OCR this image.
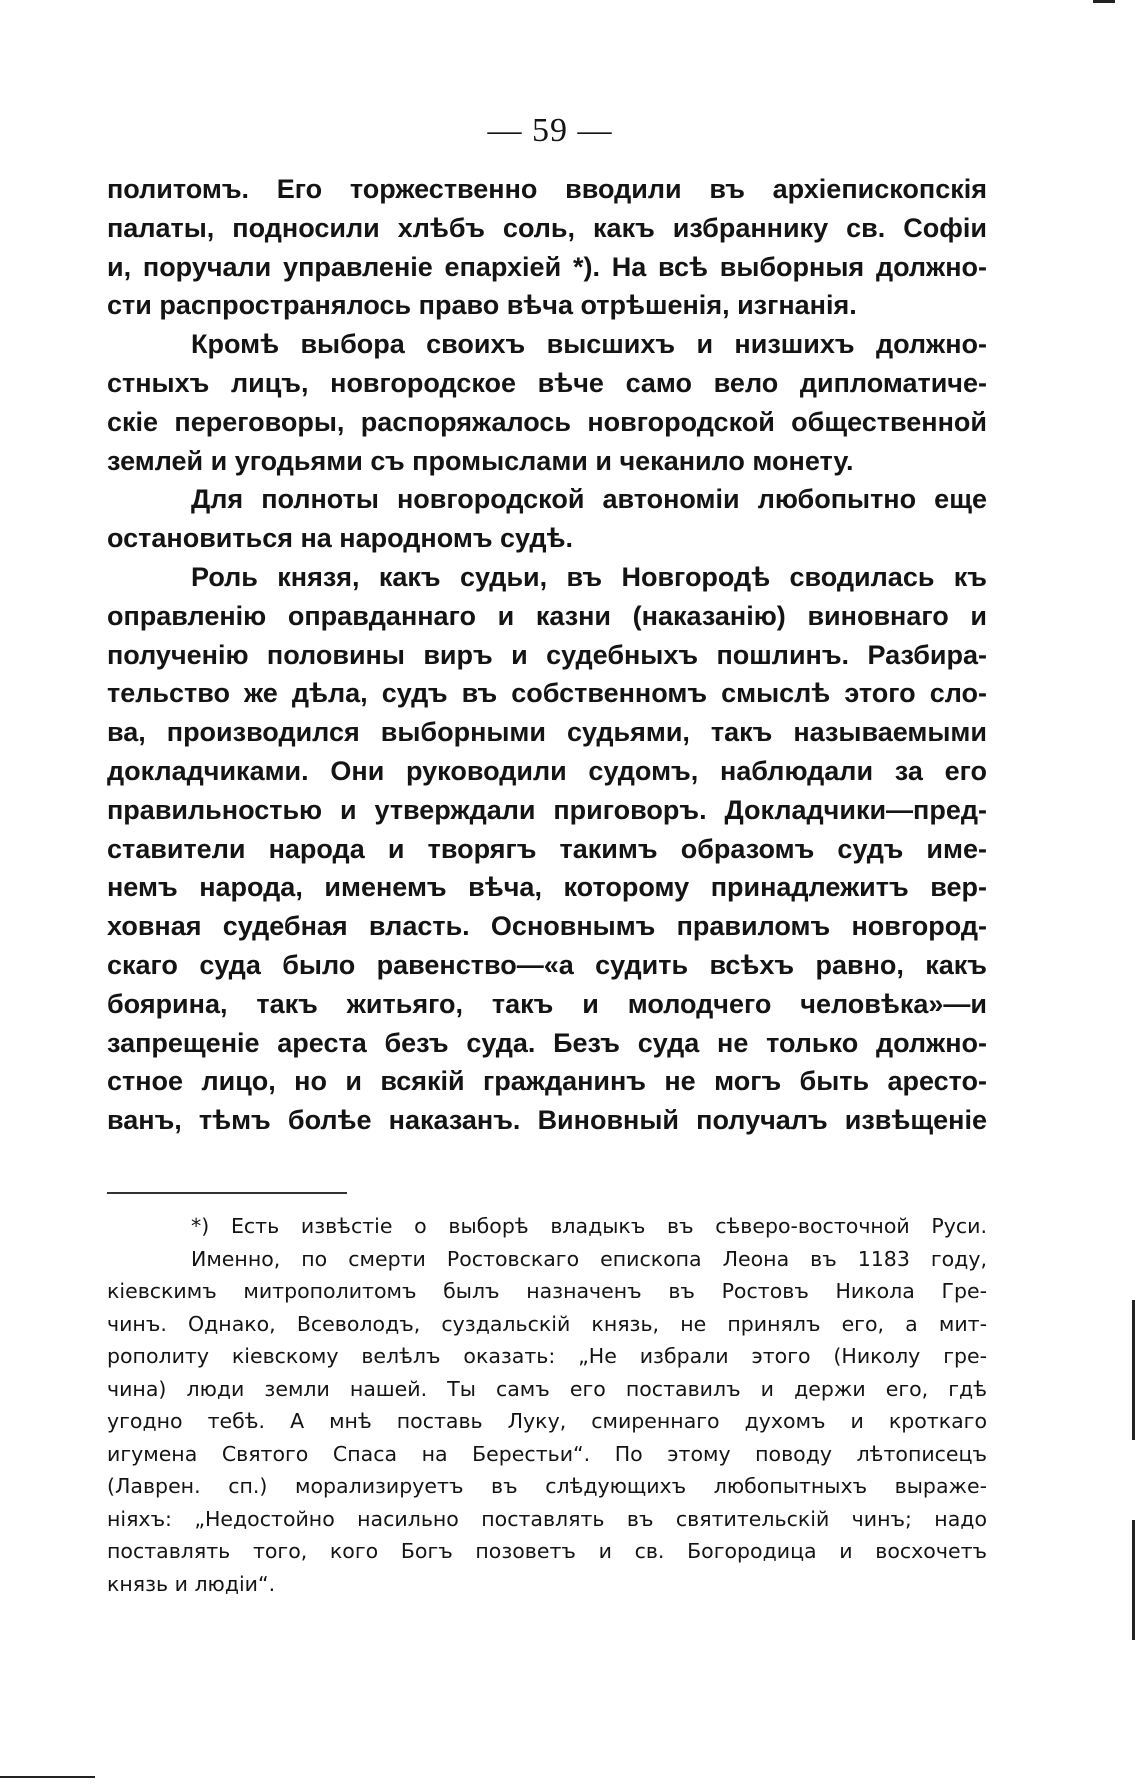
— 59 —
политомъ. Его торжественно вводили въ архіепископскія
палаты, подносили хлѣбъ соль, какъ избраннику св. Софіи
и, поручали управленіе епархіей *). На всѣ выборныя должно-
сти распространялось право вѣча отрѣшенія, изгнанія.
Кромѣ выбора своихъ высшихъ и низшихъ должно-
стныхъ лицъ, новгородское вѣче само вело дипломатиче-
скіе переговоры, распоряжалось новгородской общественной
землей и угодьями съ промыслами и чеканило монету.
Для полноты новгородской автономіи любопытно еще
остановиться на народномъ судѣ.
Роль князя, какъ судьи, въ Новгородѣ сводилась къ
оправленію оправданнаго и казни (наказанію) виновнаго и
полученію половины виръ и судебныхъ пошлинъ. Разбира-
тельство же дѣла, судъ въ собственномъ смыслѣ этого сло-
ва, производился выборными судьями, такъ называемыми
докладчиками. Они руководили судомъ, наблюдали за его
правильностью и утверждали приговоръ. Докладчики—пред-
ставители народа и творягъ такимъ образомъ судъ име-
немъ народа, именемъ вѣча, которому принадлежитъ вер-
ховная судебная власть. Основнымъ правиломъ новгород-
скаго суда было равенство—«а судить всѣхъ равно, какъ
боярина, такъ житьяго, такъ и молодчего человѣка»—и
запрещеніе ареста безъ суда. Безъ суда не только должно-
стное лицо, но и всякій гражданинъ не могъ быть аресто-
ванъ, тѣмъ болѣе наказанъ. Виновный получалъ извѣщеніе
*) Есть извѣстіе о выборѣ владыкъ въ сѣверо-восточной Руси.
Именно, по смерти Ростовскаго епископа Леона въ 1183 году,
кіевскимъ митрополитомъ былъ назначенъ въ Ростовъ Никола Гре-
чинъ. Однако, Всеволодъ, суздальскій князь, не принялъ его, а мит-
рополиту кіевскому велѣлъ оказать: „Не избрали этого (Николу гре-
чина) люди земли нашей. Ты самъ его поставилъ и держи его, гдѣ
угодно тебѣ. А мнѣ поставь Луку, смиреннаго духомъ и кроткаго
игумена Святого Спаса на Берестьи“. По этому поводу лѣтописецъ
(Лаврен. сп.) морализируетъ въ слѣдующихъ любопытныхъ выраже-
ніяхъ: „Недостойно насильно поставлять въ святительскій чинъ; надо
поставлять того, кого Богъ позоветъ и св. Богородица и восхочетъ
князь и людіи“.
